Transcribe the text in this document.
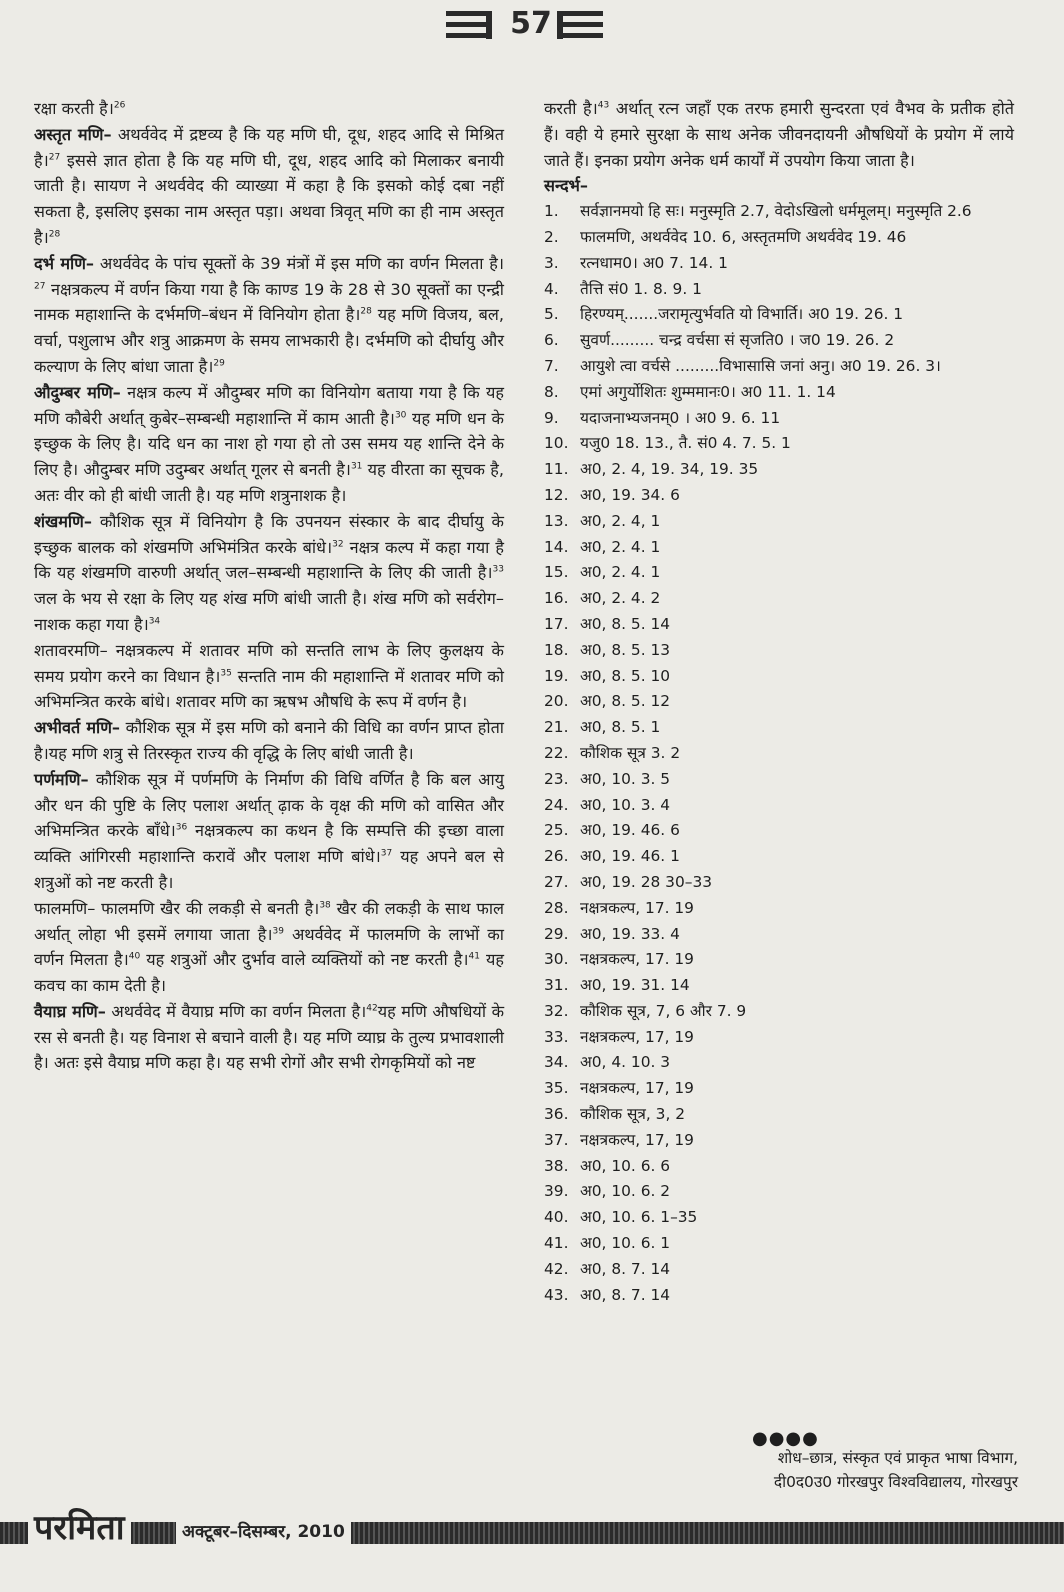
57

रक्षा करती है।$^{26}$

अस्तृत मणि– अथर्ववेद में द्रष्टव्य है कि यह मणि घी, दूध, शहद आदि से मिश्रित है।$^{27}$ इससे ज्ञात होता है कि यह मणि घी, दूध, शहद आदि को मिलाकर बनायी जाती है। सायण ने अथर्ववेद की व्याख्या में कहा है कि इसको कोई दबा नहीं सकता है, इसलिए इसका नाम अस्तृत पड़ा। अथवा त्रिवृत् मणि का ही नाम अस्तृत है।$^{28}$

दर्भ मणि– अथर्ववेद के पांच सूक्तों के 39 मंत्रों में इस मणि का वर्णन मिलता है।$^{27}$ नक्षत्रकल्प में वर्णन किया गया है कि काण्ड 19 के 28 से 30 सूक्तों का एन्द्री नामक महाशान्ति के दर्भमणि–बंधन में विनियोग होता है।$^{28}$ यह मणि विजय, बल, वर्चा, पशुलाभ और शत्रु आक्रमण के समय लाभकारी है। दर्भमणि को दीर्घायु और कल्याण के लिए बांधा जाता है।$^{29}$

औदुम्बर मणि– नक्षत्र कल्प में औदुम्बर मणि का विनियोग बताया गया है कि यह मणि कौबेरी अर्थात् कुबेर–सम्बन्धी महाशान्ति में काम आती है।$^{30}$ यह मणि धन के इच्छुक के लिए है। यदि धन का नाश हो गया हो तो उस समय यह शान्ति देने के लिए है। औदुम्बर मणि उदुम्बर अर्थात् गूलर से बनती है।$^{31}$ यह वीरता का सूचक है, अतः वीर को ही बांधी जाती है। यह मणि शत्रुनाशक है।

शंखमणि– कौशिक सूत्र में विनियोग है कि उपनयन संस्कार के बाद दीर्घायु के इच्छुक बालक को शंखमणि अभिमंत्रित करके बांधे।$^{32}$ नक्षत्र कल्प में कहा गया है कि यह शंखमणि वारुणी अर्थात् जल–सम्बन्धी महाशान्ति के लिए की जाती है।$^{33}$ जल के भय से रक्षा के लिए यह शंख मणि बांधी जाती है। शंख मणि को सर्वरोग–नाशक कहा गया है।$^{34}$

शतावरमणि– नक्षत्रकल्प में शतावर मणि को सन्तति लाभ के लिए कुलक्षय के समय प्रयोग करने का विधान है।$^{35}$ सन्तति नाम की महाशान्ति में शतावर मणि को अभिमन्त्रित करके बांधे। शतावर मणि का ऋषभ औषधि के रूप में वर्णन है।

अभीवर्त मणि– कौशिक सूत्र में इस मणि को बनाने की विधि का वर्णन प्राप्त होता है।यह मणि शत्रु से तिरस्कृत राज्य की वृद्धि के लिए बांधी जाती है।

पर्णमणि– कौशिक सूत्र में पर्णमणि के निर्माण की विधि वर्णित है कि बल आयु और धन की पुष्टि के लिए पलाश अर्थात् ढ़ाक के वृक्ष की मणि को वासित और अभिमन्त्रित करके बाँधे।$^{36}$ नक्षत्रकल्प का कथन है कि सम्पत्ति की इच्छा वाला व्यक्ति आंगिरसी महाशान्ति करावें और पलाश मणि बांधे।$^{37}$ यह अपने बल से शत्रुओं को नष्ट करती है।

फालमणि– फालमणि खैर की लकड़ी से बनती है।$^{38}$ खैर की लकड़ी के साथ फाल अर्थात् लोहा भी इसमें लगाया जाता है।$^{39}$ अथर्ववेद में फालमणि के लाभों का वर्णन मिलता है।$^{40}$ यह शत्रुओं और दुर्भाव वाले व्यक्तियों को नष्ट करती है।$^{41}$ यह कवच का काम देती है।

वैयाघ्र मणि– अथर्ववेद में वैयाघ्र मणि का वर्णन मिलता है।$^{42}$यह मणि औषधियों के रस से बनती है। यह विनाश से बचाने वाली है। यह मणि व्याघ्र के तुल्य प्रभावशाली है। अतः इसे वैयाघ्र मणि कहा है। यह सभी रोगों और सभी रोगकृमियों को नष्ट

करती है।$^{43}$ अर्थात् रत्न जहाँ एक तरफ हमारी सुन्दरता एवं वैभव के प्रतीक होते हैं। वही ये हमारे सुरक्षा के साथ अनेक जीवनदायनी औषधियों के प्रयोग में लाये जाते हैं। इनका प्रयोग अनेक धर्म कार्यों में उपयोग किया जाता है।

सन्दर्भ–

1.	सर्वज्ञानमयो हि सः। मनुस्मृति 2.7, वेदोऽखिलो धर्ममूलम्। मनुस्मृति 2.6
2.	फालमणि, अथर्ववेद 10. 6, अस्तृतमणि अथर्ववेद 19. 46
3.	रत्नधाम0। अ0 7. 14. 1
4.	तैत्ति सं0 1. 8. 9. 1
5.	हिरण्यम्.......जरामृत्युर्भवति यो विभार्ति। अ0 19. 26. 1
6.	सुवर्ण......... चन्द्र वर्चसा सं सृजति0 । ज0 19. 26. 2
7.	आयुशे त्वा वर्चसे .........विभासासि जनां अनु। अ0 19. 26. 3।
8.	एमां अगुर्योशितः शुम्ममानः0। अ0 11. 1. 14
9.	यदाजनाभ्यजनम्0 । अ0 9. 6. 11
10. यजु0 18. 13., तै. सं0 4. 7. 5. 1
11. अ0, 2. 4, 19. 34, 19. 35
12. अ0, 19. 34. 6
13. अ0, 2. 4, 1
14. अ0, 2. 4. 1
15. अ0, 2. 4. 1
16. अ0, 2. 4. 2
17. अ0, 8. 5. 14
18. अ0, 8. 5. 13
19. अ0, 8. 5. 10
20. अ0, 8. 5. 12
21. अ0, 8. 5. 1
22. कौशिक सूत्र 3. 2
23. अ0, 10. 3. 5
24. अ0, 10. 3. 4
25. अ0, 19. 46. 6
26. अ0, 19. 46. 1
27. अ0, 19. 28 30–33
28. नक्षत्रकल्प, 17. 19
29. अ0, 19. 33. 4
30. नक्षत्रकल्प, 17. 19
31. अ0, 19. 31. 14
32. कौशिक सूत्र, 7, 6 और 7. 9
33. नक्षत्रकल्प, 17, 19
34. अ0, 4. 10. 3
35. नक्षत्रकल्प, 17, 19
36. कौशिक सूत्र, 3, 2
37. नक्षत्रकल्प, 17, 19
38. अ0, 10. 6. 6
39. अ0, 10. 6. 2
40. अ0, 10. 6. 1–35
41. अ0, 10. 6. 1
42. अ0, 8. 7. 14
43. अ0, 8. 7. 14
●●●●
शोध–छात्र, संस्कृत एवं प्राकृत भाषा विभाग,
दी0द0उ0 गोरखपुर विश्वविद्यालय, गोरखपुर
परमिता	अक्टूबर–दिसम्बर, 2010
